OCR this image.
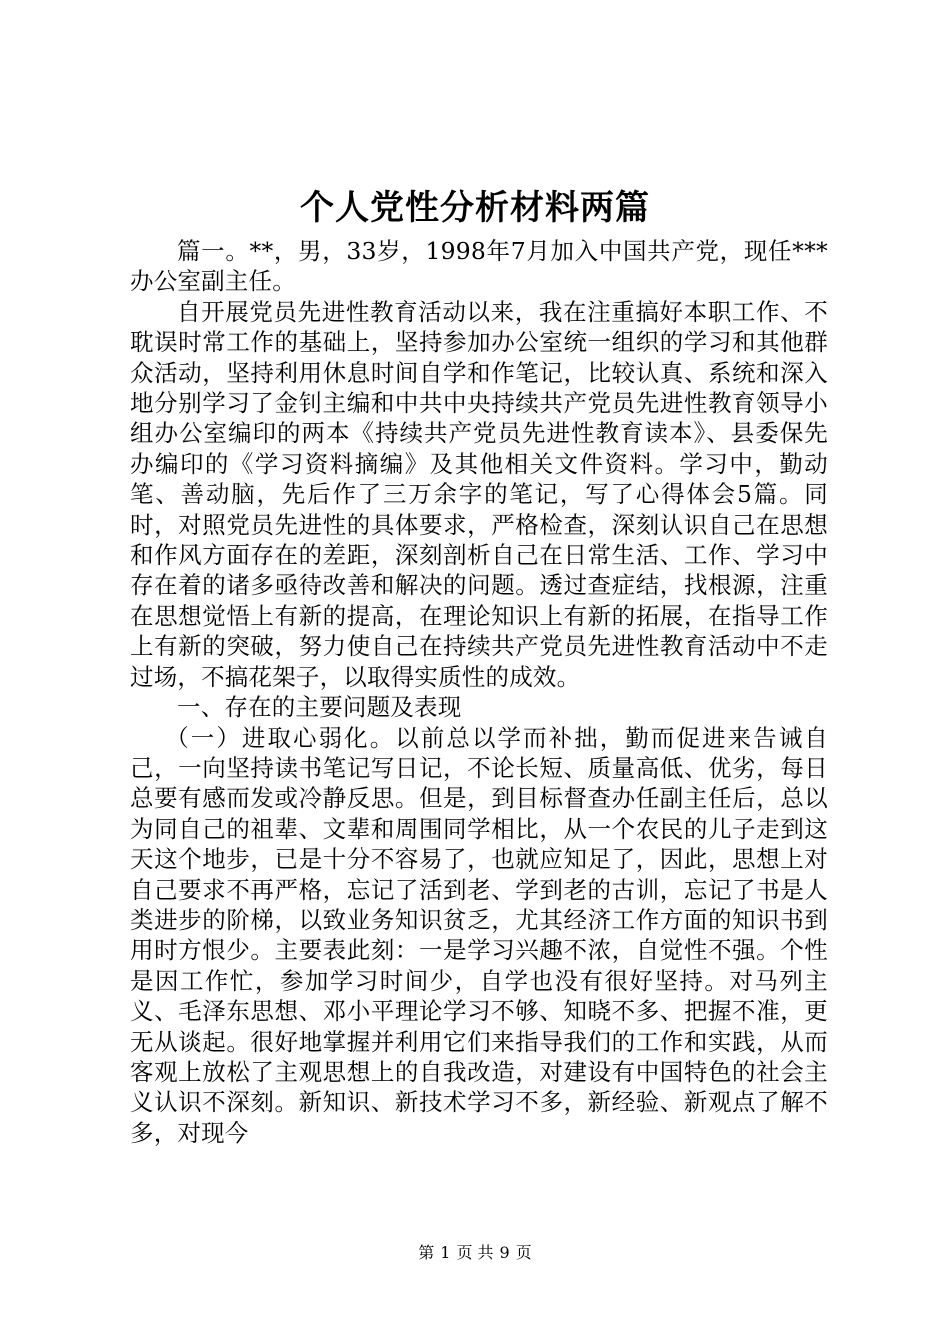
个人党性分析材料两篇

篇一。**，男，33岁，1998年7月加入中国共产党，现任***办公室副主任。

自开展党员先进性教育活动以来，我在注重搞好本职工作、不耽误时常工作的基础上，坚持参加办公室统一组织的学习和其他群众活动，坚持利用休息时间自学和作笔记，比较认真、系统和深入地分别学习了金钊主编和中共中央持续共产党员先进性教育领导小组办公室编印的两本《持续共产党员先进性教育读本》、县委保先办编印的《学习资料摘编》及其他相关文件资料。学习中，勤动笔、善动脑，先后作了三万余字的笔记，写了心得体会5篇。同时，对照党员先进性的具体要求，严格检查，深刻认识自己在思想和作风方面存在的差距，深刻剖析自己在日常生活、工作、学习中存在着的诸多亟待改善和解决的问题。透过查症结，找根源，注重在思想觉悟上有新的提高，在理论知识上有新的拓展，在指导工作上有新的突破，努力使自己在持续共产党员先进性教育活动中不走过场，不搞花架子，以取得实质性的成效。

一、存在的主要问题及表现

（一）进取心弱化。以前总以学而补拙，勤而促进来告诫自己，一向坚持读书笔记写日记，不论长短、质量高低、优劣，每日总要有感而发或冷静反思。但是，到目标督查办任副主任后，总以为同自己的祖辈、文辈和周围同学相比，从一个农民的儿子走到这天这个地步，已是十分不容易了，也就应知足了，因此，思想上对自己要求不再严格，忘记了活到老、学到老的古训，忘记了书是人类进步的阶梯，以致业务知识贫乏，尤其经济工作方面的知识书到用时方恨少。主要表此刻：一是学习兴趣不浓，自觉性不强。个性是因工作忙，参加学习时间少，自学也没有很好坚持。对马列主义、毛泽东思想、邓小平理论学习不够、知晓不多、把握不准，更无从谈起。很好地掌握并利用它们来指导我们的工作和实践，从而客观上放松了主观思想上的自我改造，对建设有中国特色的社会主义认识不深刻。新知识、新技术学习不多，新经验、新观点了解不多，对现今

第 1 页 共 9 页
